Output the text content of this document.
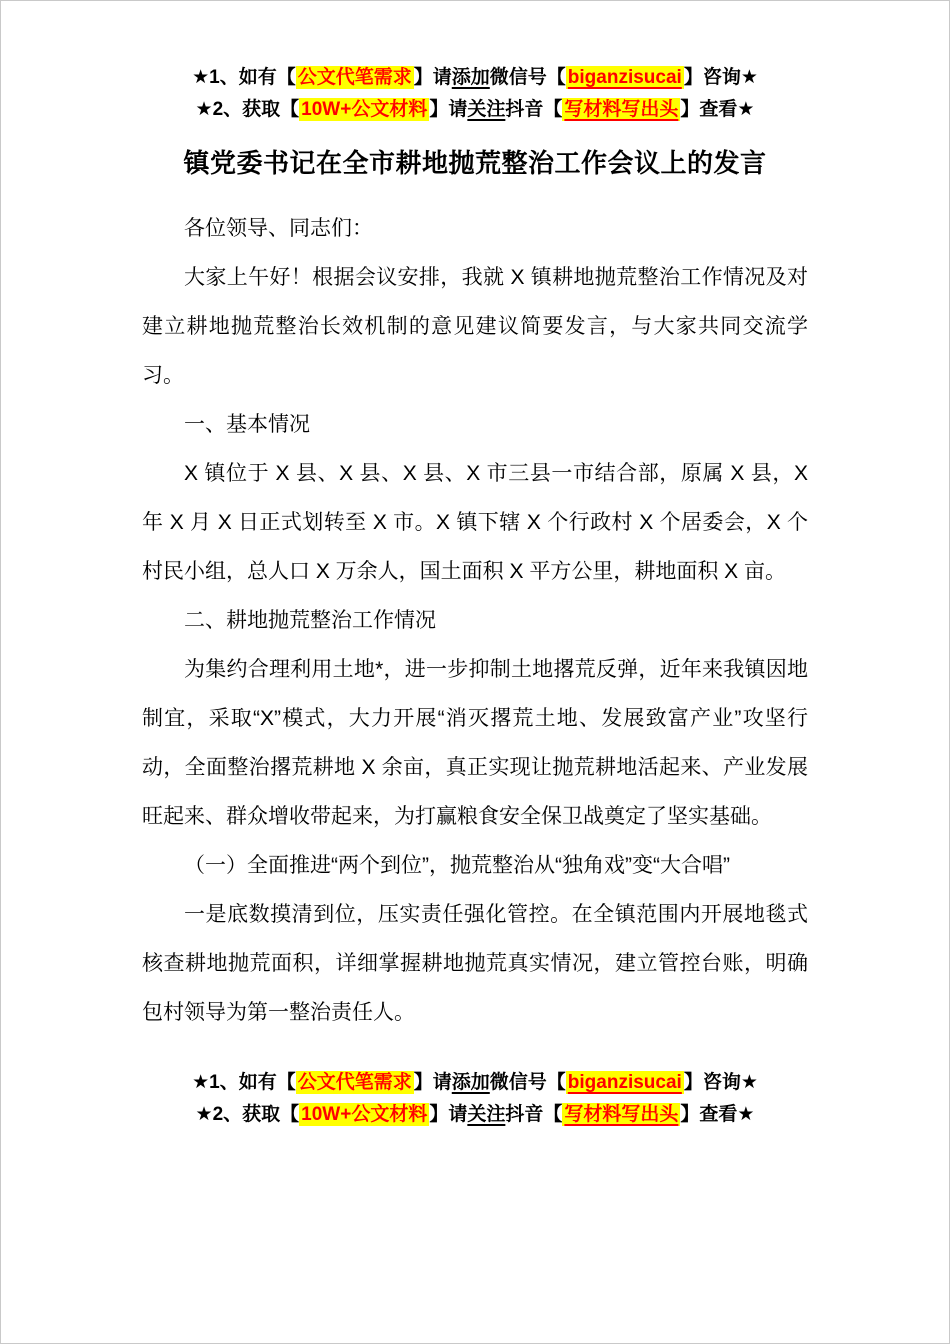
★1、如有【 公文代笔需求 】请添加微信号【 biganzisucai 】咨询★
★2、获取【 10W+公文材料 】请关注抖音【 写材料写出头 】查看★
镇党委书记在全市耕地抛荒整治工作会议上的发言

各位领导、同志们：

大家上午好！根据会议安排，我就 X 镇耕地抛荒整治工作情况及对建立耕地抛荒整治长效机制的意见建议简要发言，与大家共同交流学习。

一、基本情况

X 镇位于 X 县、X 县、X 县、X 市三县一市结合部，原属 X 县，X 年 X 月 X 日正式划转至 X 市。X 镇下辖 X 个行政村 X 个居委会，X 个村民小组，总人口 X 万余人，国土面积 X 平方公里，耕地面积 X 亩。

二、耕地抛荒整治工作情况

为集约合理利用土地*，进一步抑制土地撂荒反弹，近年来我镇因地制宜，采取“X”模式，大力开展“消灭撂荒土地、发展致富产业”攻坚行动，全面整治撂荒耕地 X 余亩，真正实现让抛荒耕地活起来、产业发展旺起来、群众增收带起来，为打赢粮食安全保卫战奠定了坚实基础。

（一）全面推进“两个到位”，抛荒整治从“独角戏”变“大合唱”

一是底数摸清到位，压实责任强化管控。在全镇范围内开展地毯式核查耕地抛荒面积，详细掌握耕地抛荒真实情况，建立管控台账，明确包村领导为第一整治责任人。

★1、如有【 公文代笔需求 】请添加微信号【 biganzisucai 】咨询★
★2、获取【 10W+公文材料 】请关注抖音【 写材料写出头 】查看★
